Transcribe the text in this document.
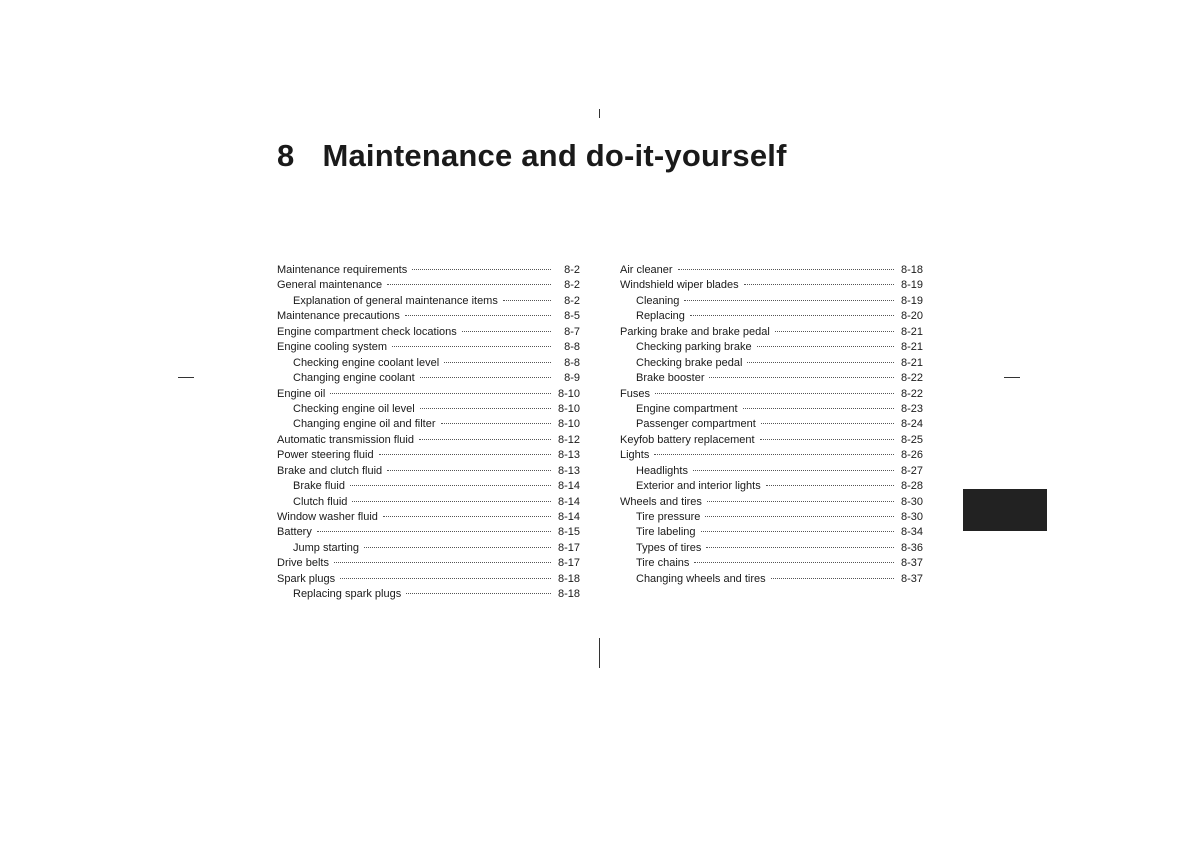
8 Maintenance and do-it-yourself
Maintenance requirements	8-2
General maintenance	8-2
Explanation of general maintenance items	8-2
Maintenance precautions	8-5
Engine compartment check locations	8-7
Engine cooling system	8-8
Checking engine coolant level	8-8
Changing engine coolant	8-9
Engine oil	8-10
Checking engine oil level	8-10
Changing engine oil and filter	8-10
Automatic transmission fluid	8-12
Power steering fluid	8-13
Brake and clutch fluid	8-13
Brake fluid	8-14
Clutch fluid	8-14
Window washer fluid	8-14
Battery	8-15
Jump starting	8-17
Drive belts	8-17
Spark plugs	8-18
Replacing spark plugs	8-18
Air cleaner	8-18
Windshield wiper blades	8-19
Cleaning	8-19
Replacing	8-20
Parking brake and brake pedal	8-21
Checking parking brake	8-21
Checking brake pedal	8-21
Brake booster	8-22
Fuses	8-22
Engine compartment	8-23
Passenger compartment	8-24
Keyfob battery replacement	8-25
Lights	8-26
Headlights	8-27
Exterior and interior lights	8-28
Wheels and tires	8-30
Tire pressure	8-30
Tire labeling	8-34
Types of tires	8-36
Tire chains	8-37
Changing wheels and tires	8-37
